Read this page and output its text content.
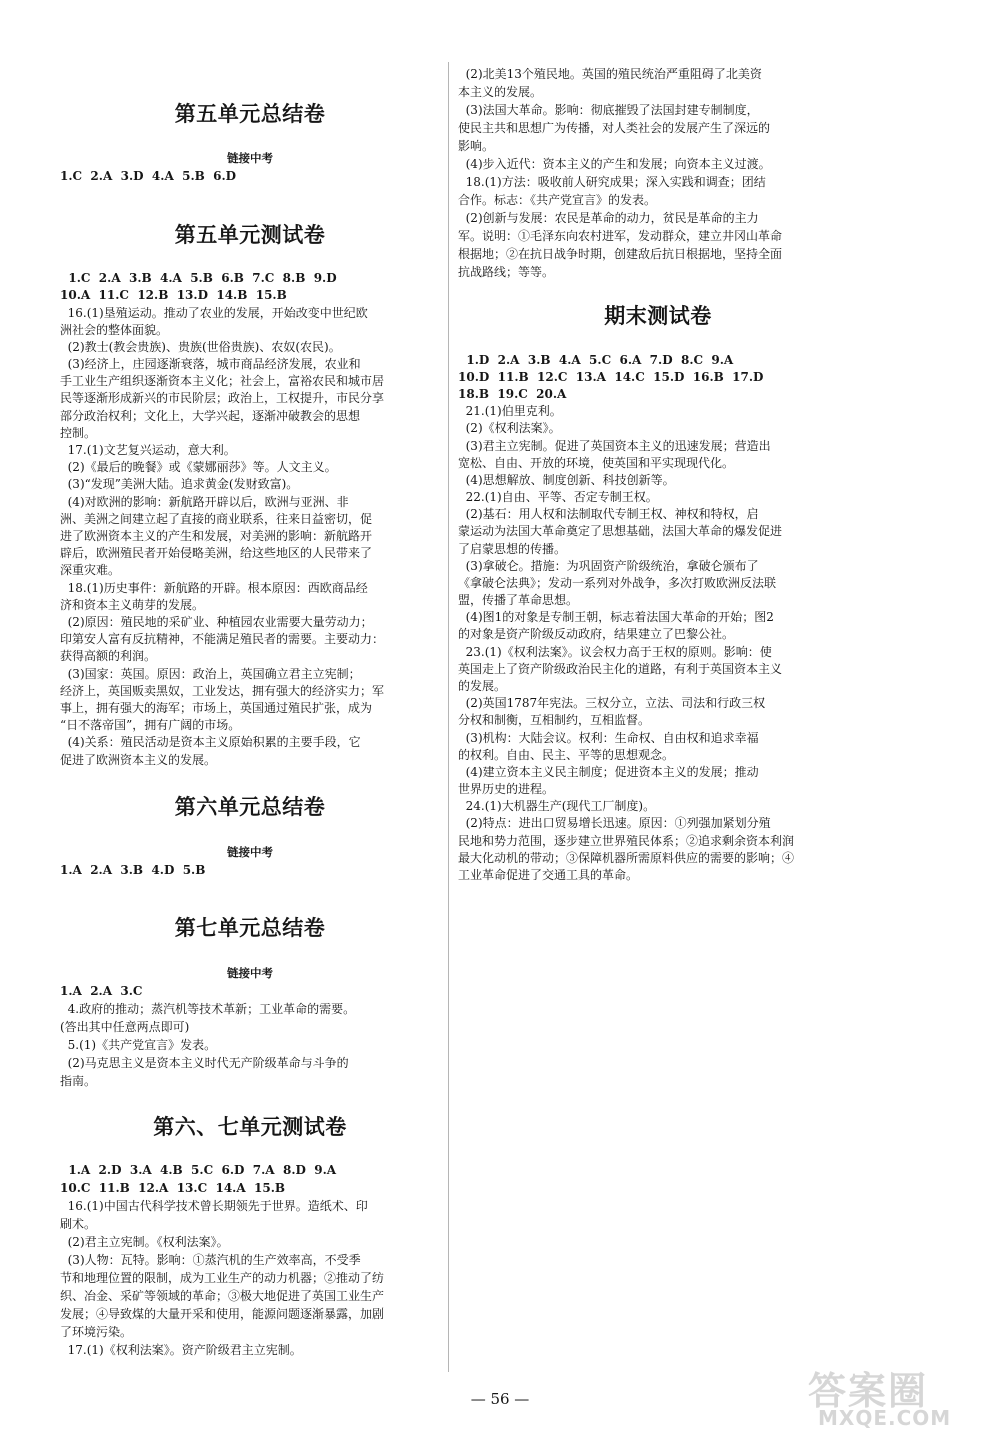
第五单元总结卷
链接中考
1.C  2.A  3.D  4.A  5.B  6.D
第五单元测试卷

1.C  2.A  3.B  4.A  5.B  6.B  7.C  8.B  9.D

10.A  11.C  12.B  13.D  14.B  15.B

16.(1)垦殖运动。推动了农业的发展，开始改变中世纪欧

洲社会的整体面貌。

(2)教士(教会贵族)、贵族(世俗贵族)、农奴(农民)。

(3)经济上，庄园逐渐衰落，城市商品经济发展，农业和

手工业生产组织逐渐资本主义化；社会上，富裕农民和城市居

民等逐渐形成新兴的市民阶层；政治上，工权提升，市民分享

部分政治权利；文化上，大学兴起，逐渐冲破教会的思想

控制。

17.(1)文艺复兴运动，意大利。

(2)《最后的晚餐》或《蒙娜丽莎》等。人文主义。

(3)“发现”美洲大陆。追求黄金(发财致富)。

(4)对欧洲的影响：新航路开辟以后，欧洲与亚洲、非

洲、美洲之间建立起了直接的商业联系，往来日益密切，促

进了欧洲资本主义的产生和发展，对美洲的影响：新航路开

辟后，欧洲殖民者开始侵略美洲，给这些地区的人民带来了

深重灾难。

18.(1)历史事件：新航路的开辟。根本原因：西欧商品经

济和资本主义萌芽的发展。

(2)原因：殖民地的采矿业、种植园农业需要大量劳动力；

印第安人富有反抗精神，不能满足殖民者的需要。主要动力：

获得高额的利润。

(3)国家：英国。原因：政治上，英国确立君主立宪制；

经济上，英国贩卖黑奴，工业发达，拥有强大的经济实力；军

事上，拥有强大的海军；市场上，英国通过殖民扩张，成为

“日不落帝国”，拥有广阔的市场。

(4)关系：殖民活动是资本主义原始积累的主要手段，它

促进了欧洲资本主义的发展。

第六单元总结卷
链接中考
1.A  2.A  3.B  4.D  5.B
第七单元总结卷
链接中考
1.A  2.A  3.C
4.政府的推动；蒸汽机等技术革新；工业革命的需要。
(答出其中任意两点即可)
5.(1)《共产党宣言》发表。
(2)马克思主义是资本主义时代无产阶级革命与斗争的
指南。
第六、七单元测试卷
1.A  2.D  3.A  4.B  5.C  6.D  7.A  8.D  9.A
10.C  11.B  12.A  13.C  14.A  15.B
16.(1)中国古代科学技术曾长期领先于世界。造纸术、印
刷术。
(2)君主立宪制。《权利法案》。
(3)人物：瓦特。影响：①蒸汽机的生产效率高，不受季
节和地理位置的限制，成为工业生产的动力机器；②推动了纺
织、冶金、采矿等领域的革命；③极大地促进了英国工业生产
发展；④导致煤的大量开采和使用，能源问题逐渐暴露，加剧
了环境污染。
17.(1)《权利法案》。资产阶级君主立宪制。
(2)北美13个殖民地。英国的殖民统治严重阻碍了北美资
本主义的发展。
(3)法国大革命。影响：彻底摧毁了法国封建专制制度，
使民主共和思想广为传播，对人类社会的发展产生了深远的
影响。
(4)步入近代：资本主义的产生和发展；向资本主义过渡。
18.(1)方法：吸收前人研究成果；深入实践和调查；团结
合作。标志：《共产党宣言》的发表。
(2)创新与发展：农民是革命的动力，贫民是革命的主力
军。说明：①毛泽东向农村进军，发动群众，建立井冈山革命
根据地；②在抗日战争时期，创建敌后抗日根据地，坚持全面
抗战路线；等等。
期末测试卷
1.D  2.A  3.B  4.A  5.C  6.A  7.D  8.C  9.A
10.D  11.B  12.C  13.A  14.C  15.D  16.B  17.D
18.B  19.C  20.A
21.(1)伯里克利。
(2)《权利法案》。
(3)君主立宪制。促进了英国资本主义的迅速发展；营造出
宽松、自由、开放的环境，使英国和平实现现代化。
(4)思想解放、制度创新、科技创新等。
22.(1)自由、平等、否定专制王权。
(2)基石：用人权和法制取代专制王权、神权和特权，启
蒙运动为法国大革命奠定了思想基础，法国大革命的爆发促进
了启蒙思想的传播。
(3)拿破仑。措施：为巩固资产阶级统治，拿破仑颁布了
《拿破仑法典》；发动一系列对外战争，多次打败欧洲反法联
盟，传播了革命思想。
(4)图1的对象是专制王朝，标志着法国大革命的开始；图2
的对象是资产阶级反动政府，结果建立了巴黎公社。
23.(1)《权利法案》。议会权力高于王权的原则。影响：使
英国走上了资产阶级政治民主化的道路，有利于英国资本主义
的发展。
(2)英国1787年宪法。三权分立，立法、司法和行政三权
分权和制衡，互相制约，互相监督。
(3)机构：大陆会议。权利：生命权、自由权和追求幸福
的权利。自由、民主、平等的思想观念。
(4)建立资本主义民主制度；促进资本主义的发展；推动
世界历史的进程。
24.(1)大机器生产(现代工厂制度)。
(2)特点：进出口贸易增长迅速。原因：①列强加紧划分殖
民地和势力范围，逐步建立世界殖民体系；②追求剩余资本利润
最大化动机的带动；③保障机器所需原料供应的需要的影响；④
工业革命促进了交通工具的革命。
— 56 —	答案圈
MXQE.COM
